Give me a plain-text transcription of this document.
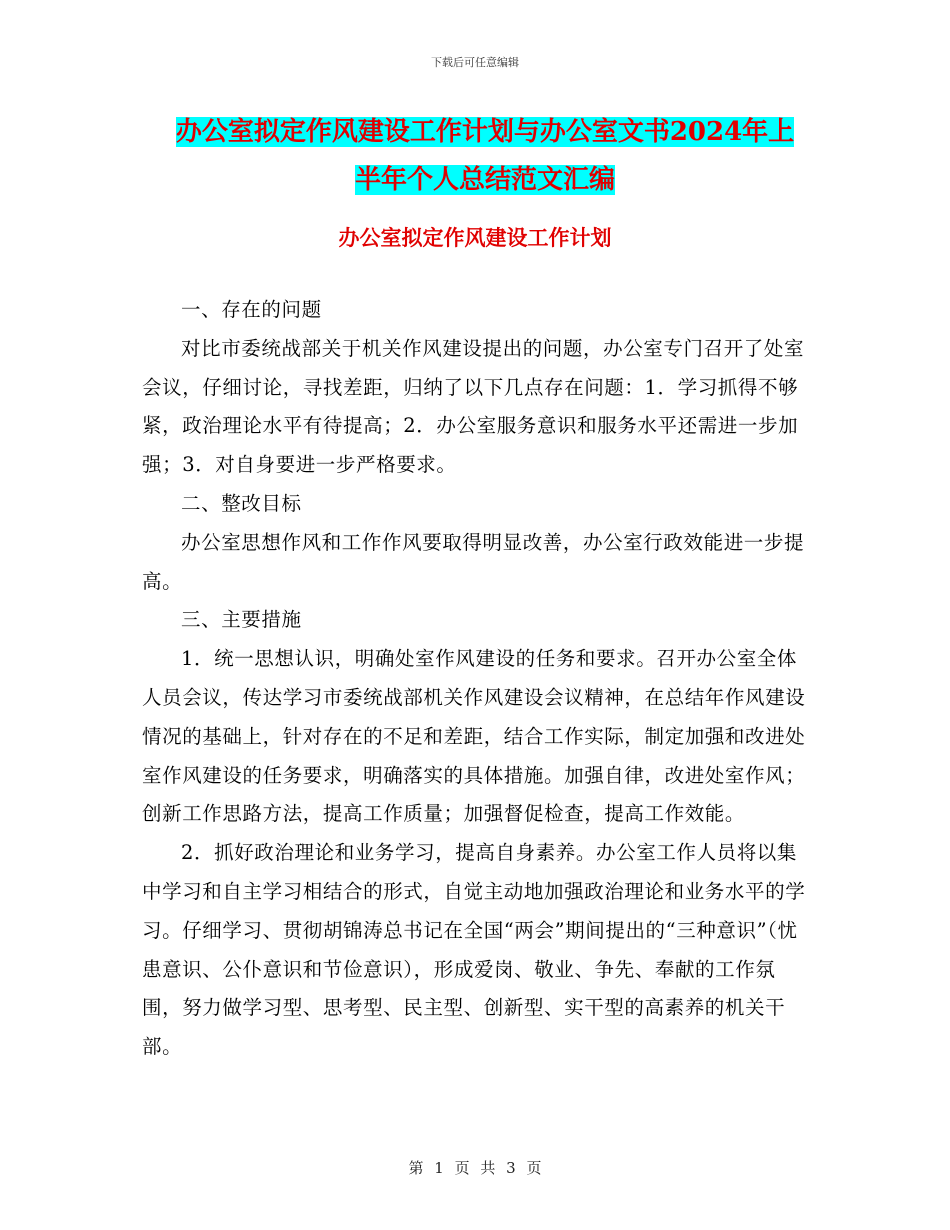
下载后可任意编辑
办公室拟定作风建设工作计划与办公室文书2024年上
半年个人总结范文汇编
办公室拟定作风建设工作计划

一、存在的问题

对比市委统战部关于机关作风建设提出的问题，办公室专门召开了处室会议，仔细讨论，寻找差距，归纳了以下几点存在问题：1．学习抓得不够紧，政治理论水平有待提高；2．办公室服务意识和服务水平还需进一步加强；3．对自身要进一步严格要求。

二、整改目标

办公室思想作风和工作作风要取得明显改善，办公室行政效能进一步提高。

三、主要措施

1．统一思想认识，明确处室作风建设的任务和要求。召开办公室全体人员会议，传达学习市委统战部机关作风建设会议精神，在总结年作风建设情况的基础上，针对存在的不足和差距，结合工作实际，制定加强和改进处室作风建设的任务要求，明确落实的具体措施。加强自律，改进处室作风；创新工作思路方法，提高工作质量；加强督促检查，提高工作效能。

2．抓好政治理论和业务学习，提高自身素养。办公室工作人员将以集中学习和自主学习相结合的形式，自觉主动地加强政治理论和业务水平的学习。仔细学习、贯彻胡锦涛总书记在全国“两会”期间提出的“三种意识”（忧患意识、公仆意识和节俭意识），形成爱岗、敬业、争先、奉献的工作氛围，努力做学习型、思考型、民主型、创新型、实干型的高素养的机关干部。

第 1 页 共 3 页
